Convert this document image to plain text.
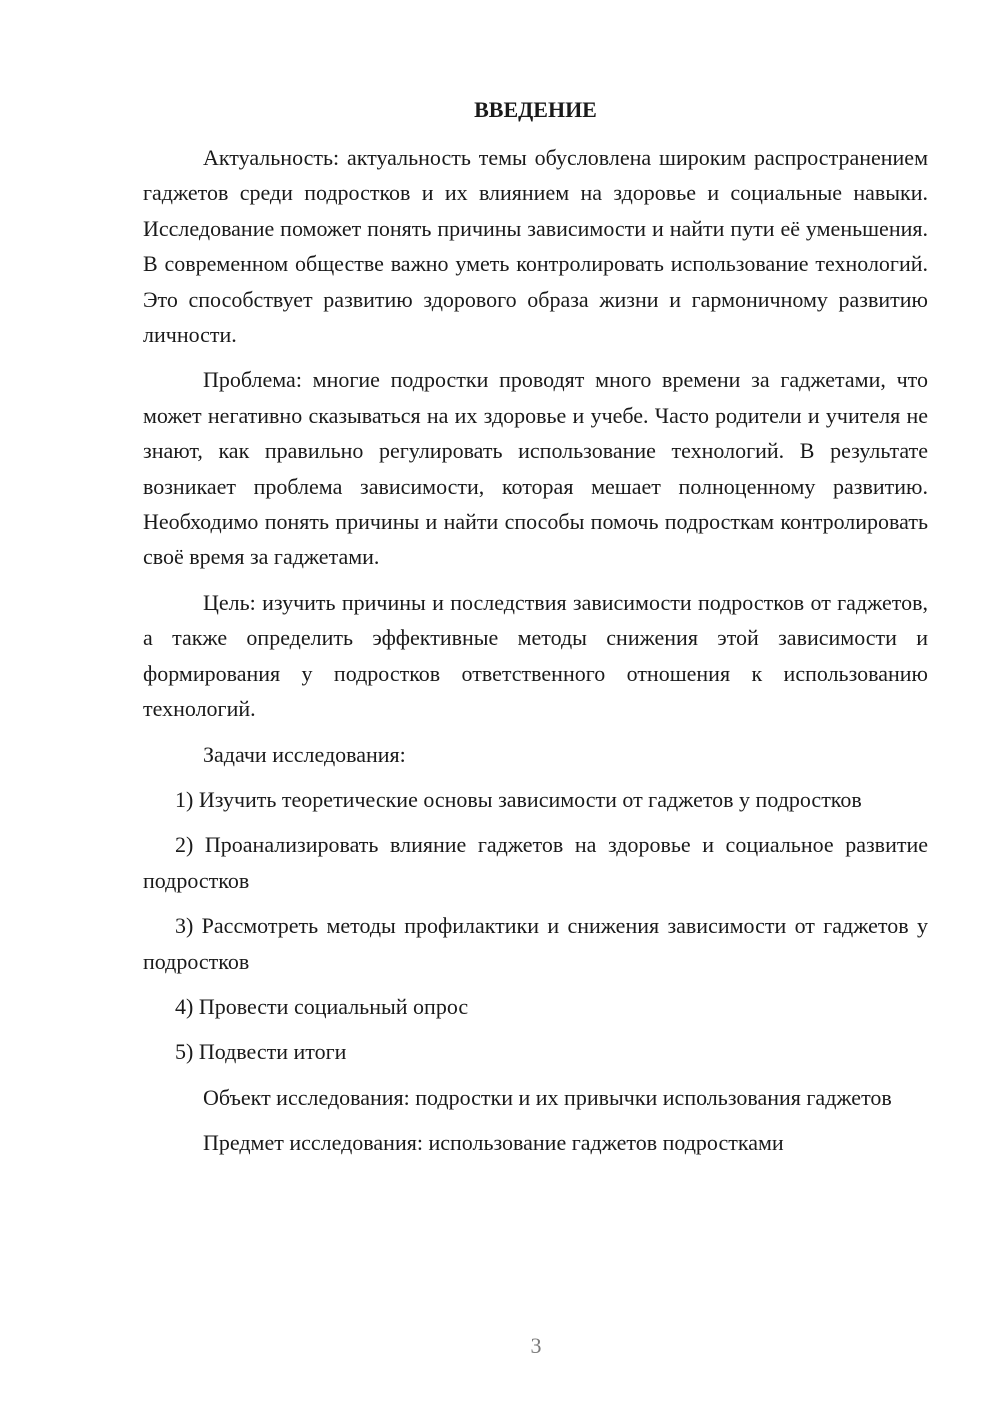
ВВЕДЕНИЕ

Актуальность: актуальность темы обусловлена широким распространением гаджетов среди подростков и их влиянием на здоровье и социальные навыки. Исследование поможет понять причины зависимости и найти пути её уменьшения. В современном обществе важно уметь контролировать использование технологий. Это способствует развитию здорового образа жизни и гармоничному развитию личности.

Проблема: многие подростки проводят много времени за гаджетами, что может негативно сказываться на их здоровье и учебе. Часто родители и учителя не знают, как правильно регулировать использование технологий. В результате возникает проблема зависимости, которая мешает полноценному развитию. Необходимо понять причины и найти способы помочь подросткам контролировать своё время за гаджетами.

Цель: изучить причины и последствия зависимости подростков от гаджетов, а также определить эффективные методы снижения этой зависимости и формирования у подростков ответственного отношения к использованию технологий.

Задачи исследования:

1) Изучить теоретические основы зависимости от гаджетов у подростков

2) Проанализировать влияние гаджетов на здоровье и социальное развитие подростков

3) Рассмотреть методы профилактики и снижения зависимости от гаджетов у подростков

4) Провести социальный опрос

5) Подвести итоги

Объект исследования: подростки и их привычки использования гаджетов

Предмет исследования: использование гаджетов подростками

3
